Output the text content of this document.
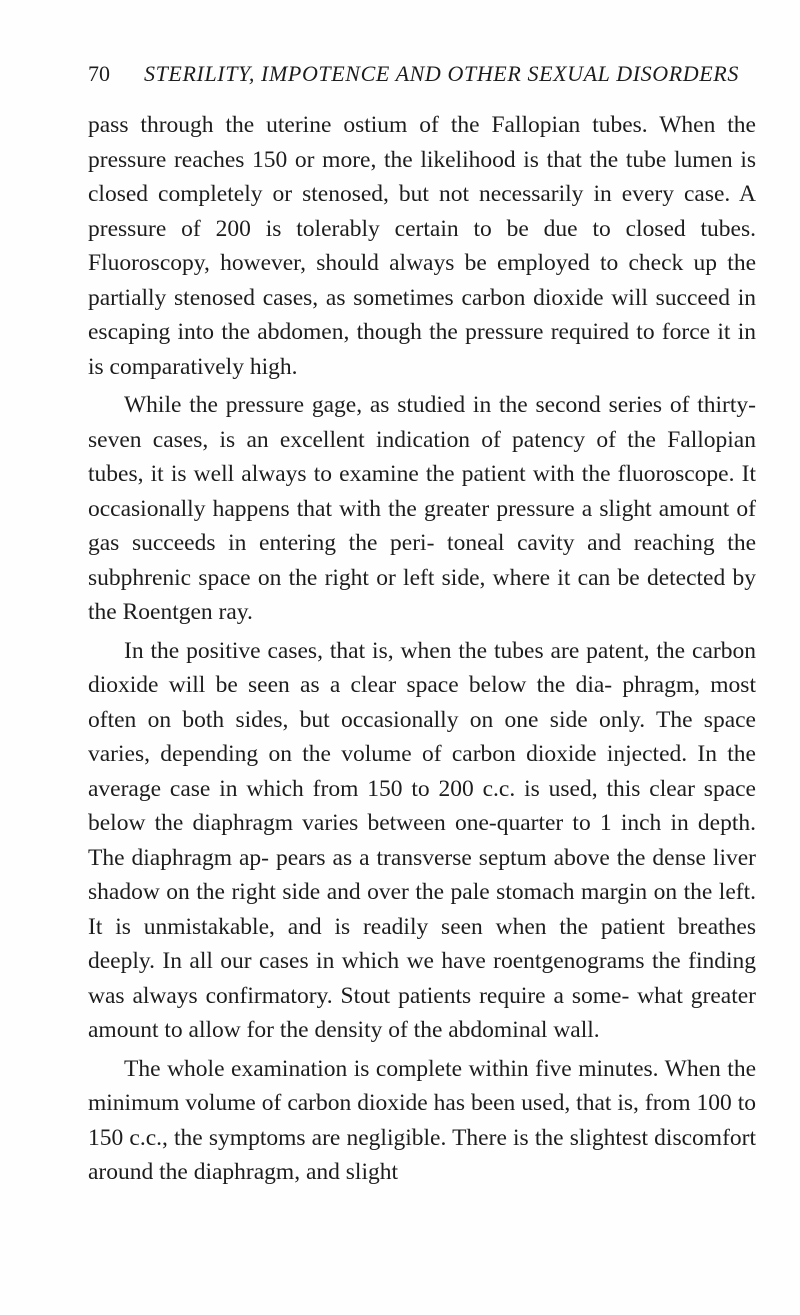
70 STERILITY, IMPOTENCE AND OTHER SEXUAL DISORDERS

pass through the uterine ostium of the Fallopian tubes. When the pressure reaches 150 or more, the likelihood is that the tube lumen is closed completely or stenosed, but not necessarily in every case. A pressure of 200 is tolerably certain to be due to closed tubes. Fluoroscopy, however, should always be employed to check up the partially stenosed cases, as sometimes carbon dioxide will succeed in escaping into the abdomen, though the pressure required to force it in is comparatively high.

While the pressure gage, as studied in the second series of thirty-seven cases, is an excellent indication of patency of the Fallopian tubes, it is well always to examine the patient with the fluoroscope. It occasionally happens that with the greater pressure a slight amount of gas succeeds in entering the peri- toneal cavity and reaching the subphrenic space on the right or left side, where it can be detected by the Roentgen ray.

In the positive cases, that is, when the tubes are patent, the carbon dioxide will be seen as a clear space below the dia- phragm, most often on both sides, but occasionally on one side only. The space varies, depending on the volume of carbon dioxide injected. In the average case in which from 150 to 200 c.c. is used, this clear space below the diaphragm varies between one-quarter to 1 inch in depth. The diaphragm ap- pears as a transverse septum above the dense liver shadow on the right side and over the pale stomach margin on the left. It is unmistakable, and is readily seen when the patient breathes deeply. In all our cases in which we have roentgenograms the finding was always confirmatory. Stout patients require a some- what greater amount to allow for the density of the abdominal wall.

The whole examination is complete within five minutes. When the minimum volume of carbon dioxide has been used, that is, from 100 to 150 c.c., the symptoms are negligible. There is the slightest discomfort around the diaphragm, and slight
